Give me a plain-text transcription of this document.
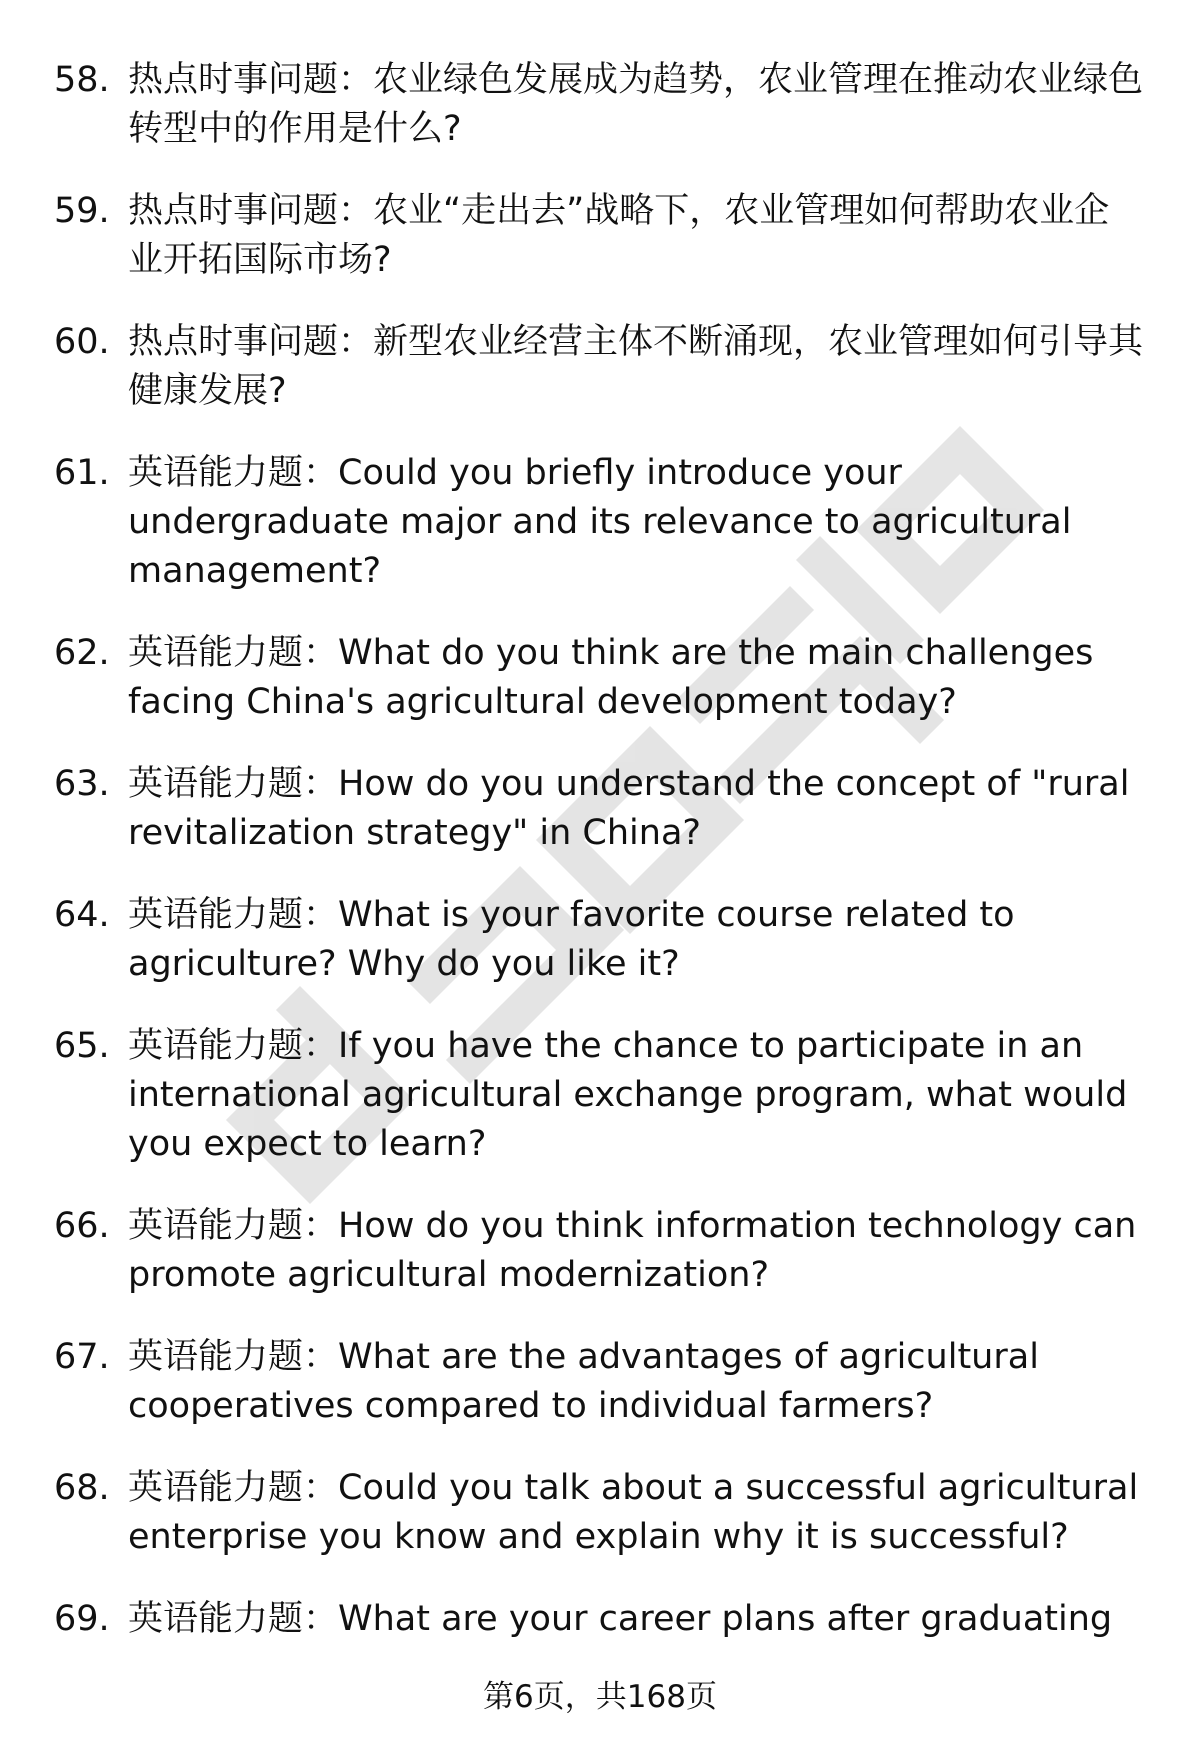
58. 热点时事问题：农业绿色发展成为趋势，农业管理在推动农业绿色转型中的作用是什么?
59. 热点时事问题：农业“走出去”战略下，农业管理如何帮助农业企业开拓国际市场?
60. 热点时事问题：新型农业经营主体不断涌现，农业管理如何引导其健康发展?
61. 英语能力题：Could you briefly introduce your undergraduate major and its relevance to agricultural management?
62. 英语能力题：What do you think are the main challenges facing China's agricultural development today?
63. 英语能力题：How do you understand the concept of "rural revitalization strategy" in China?
64. 英语能力题：What is your favorite course related to agriculture? Why do you like it?
65. 英语能力题：If you have the chance to participate in an international agricultural exchange program, what would you expect to learn?
66. 英语能力题：How do you think information technology can promote agricultural modernization?
67. 英语能力题：What are the advantages of agricultural cooperatives compared to individual farmers?
68. 英语能力题：Could you talk about a successful agricultural enterprise you know and explain why it is successful?
69. 英语能力题：What are your career plans after graduating
第6页，共168页
